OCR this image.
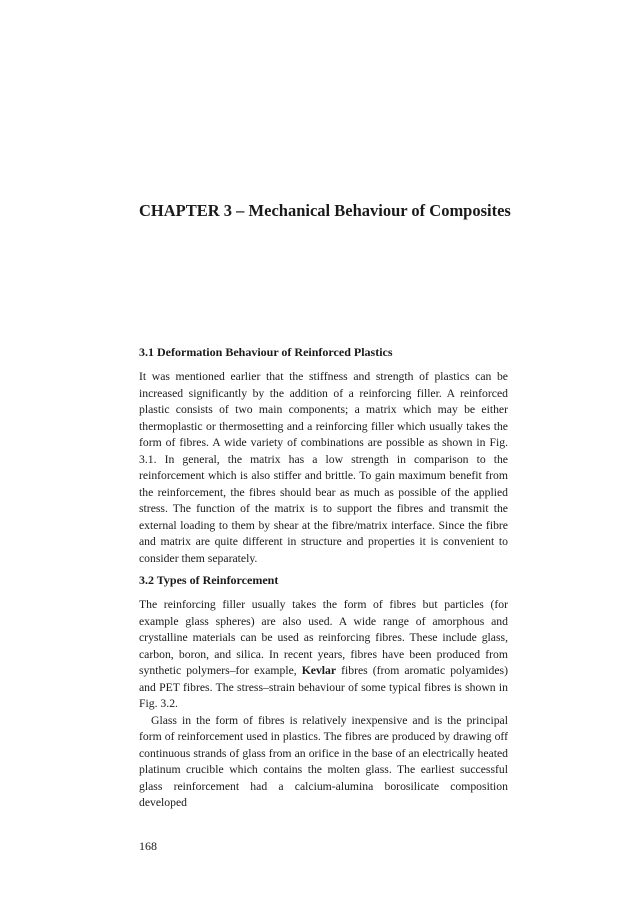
CHAPTER 3 – Mechanical Behaviour of Composites
3.1 Deformation Behaviour of Reinforced Plastics

It was mentioned earlier that the stiffness and strength of plastics can be increased significantly by the addition of a reinforcing filler. A reinforced plastic consists of two main components; a matrix which may be either thermoplastic or thermosetting and a reinforcing filler which usually takes the form of fibres. A wide variety of combinations are possible as shown in Fig. 3.1. In general, the matrix has a low strength in comparison to the reinforcement which is also stiffer and brittle. To gain maximum benefit from the reinforcement, the fibres should bear as much as possible of the applied stress. The function of the matrix is to support the fibres and transmit the external loading to them by shear at the fibre/matrix interface. Since the fibre and matrix are quite different in structure and properties it is convenient to consider them separately.

3.2 Types of Reinforcement

The reinforcing filler usually takes the form of fibres but particles (for example glass spheres) are also used. A wide range of amorphous and crystalline materials can be used as reinforcing fibres. These include glass, carbon, boron, and silica. In recent years, fibres have been produced from synthetic polymers–for example, Kevlar fibres (from aromatic polyamides) and PET fibres. The stress–strain behaviour of some typical fibres is shown in Fig. 3.2.

Glass in the form of fibres is relatively inexpensive and is the principal form of reinforcement used in plastics. The fibres are produced by drawing off continuous strands of glass from an orifice in the base of an electrically heated platinum crucible which contains the molten glass. The earliest successful glass reinforcement had a calcium-alumina borosilicate composition developed

168
